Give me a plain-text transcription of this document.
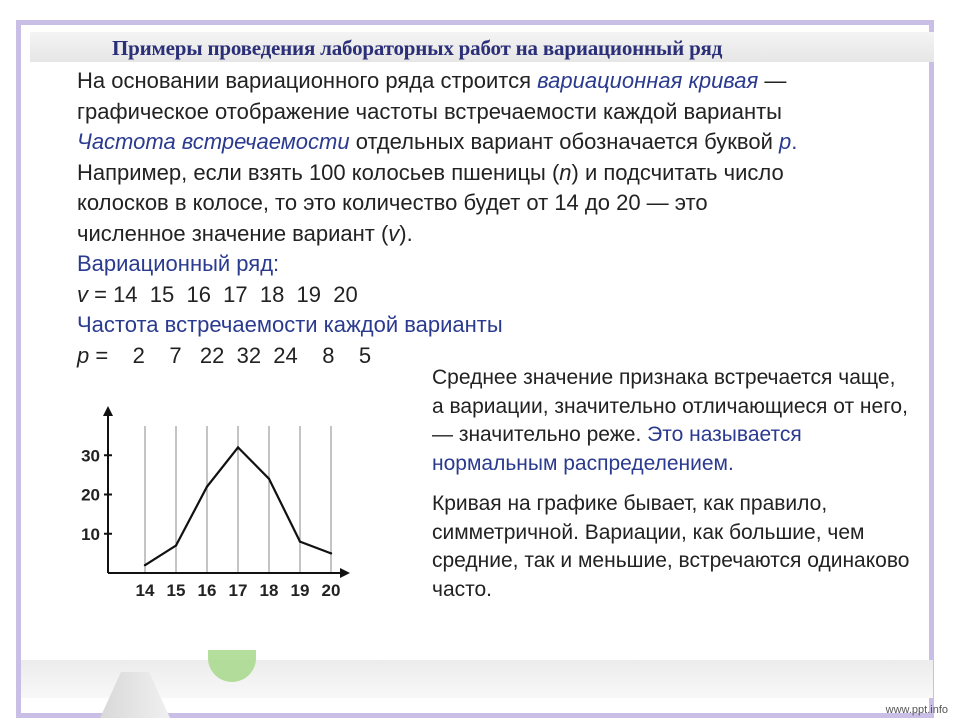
Примеры проведения лабораторных работ на вариационный ряд

На основании вариационного ряда строится вариационная кривая —

графическое отображение частоты встречаемости каждой варианты

Частота встречаемости отдельных вариант обозначается буквой p.

Например, если взять 100 колосьев пшеницы (n) и подсчитать число

колосков в колосе, то это количество будет от 14 до 20 — это

численное значение вариант (v).

Вариационный ряд:

v = 14  15  16  17  18  19  20

Частота встречаемости каждой варианты

p =    2    7   22  32  24    8    5

10
20
30
14 15 16 17 18 19 20

Среднее значение признака встречается чаще, а вариации, значительно отличающиеся от него, — значительно реже. Это называется нормальным распределением.

Кривая на графике бывает, как правило, симметричной. Вариации, как большие, чем средние, так и меньшие, встречаются одинаково часто.

www.ppt.info
